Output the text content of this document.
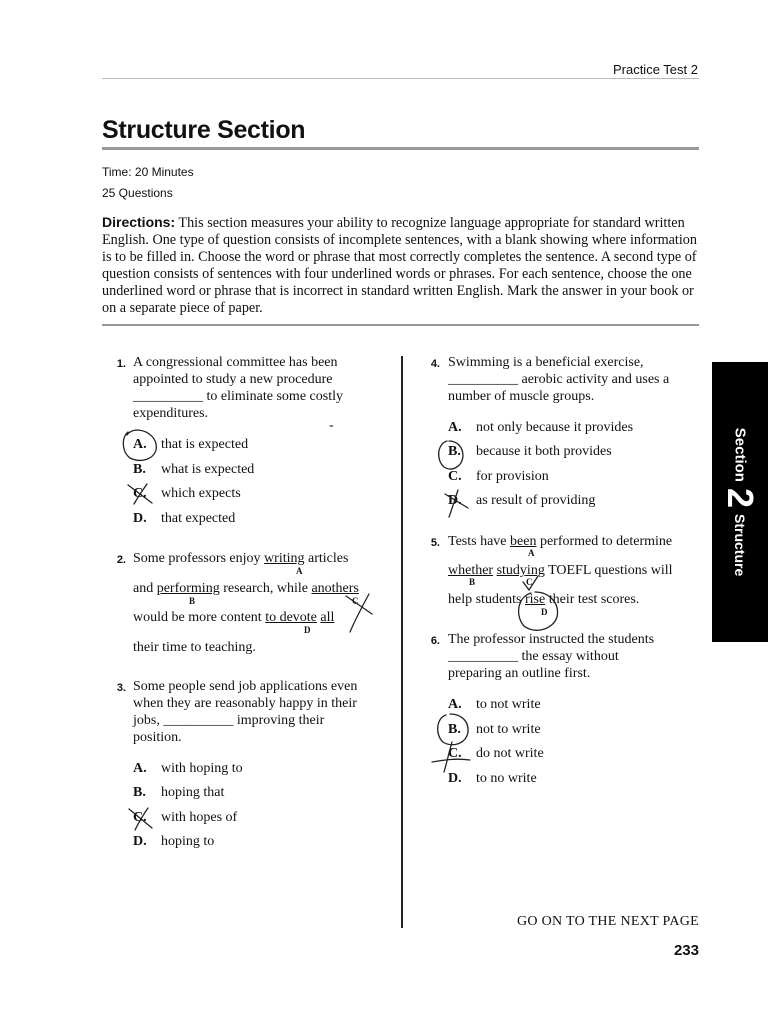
Practice Test 2
Structure Section
Time: 20 Minutes
25 Questions
Directions: This section measures your ability to recognize language appropriate for standard written English. One type of question consists of incomplete sentences, with a blank showing where information is to be filled in. Choose the word or phrase that most correctly completes the sentence. A second type of question consists of sentences with four underlined words or phrases. For each sentence, choose the one underlined word or phrase that is incorrect in standard written English. Mark the answer in your book or on a separate piece of paper.
1. A congressional committee has been
appointed to study a new procedure
__________ to eliminate some costly
expenditures.
-
A. that is expected
B. what is expected
C. which expects
D. that expected
2. Some professors enjoy writing articles
and performing research, while anothers
would be more content to devote all
their time to teaching.
A
B	C
D
3. Some people send job applications even
when they are reasonably happy in their
jobs, __________ improving their
position.
A. with hoping to
B. hoping that
C. with hopes of
D. hoping to
4. Swimming is a beneficial exercise,
__________ aerobic activity and uses a
number of muscle groups.
A. not only because it provides
B. because it both provides
C. for provision
D. as result of providing
5. Tests have been performed to determine
whether studying TOEFL questions will
help students rise their test scores.
A
B	C
D
6. The professor instructed the students
__________ the essay without
preparing an outline first.
A. to not write
B. not to write
C. do not write
D. to no write
Section2Structure
GO ON TO THE NEXT PAGE
233
